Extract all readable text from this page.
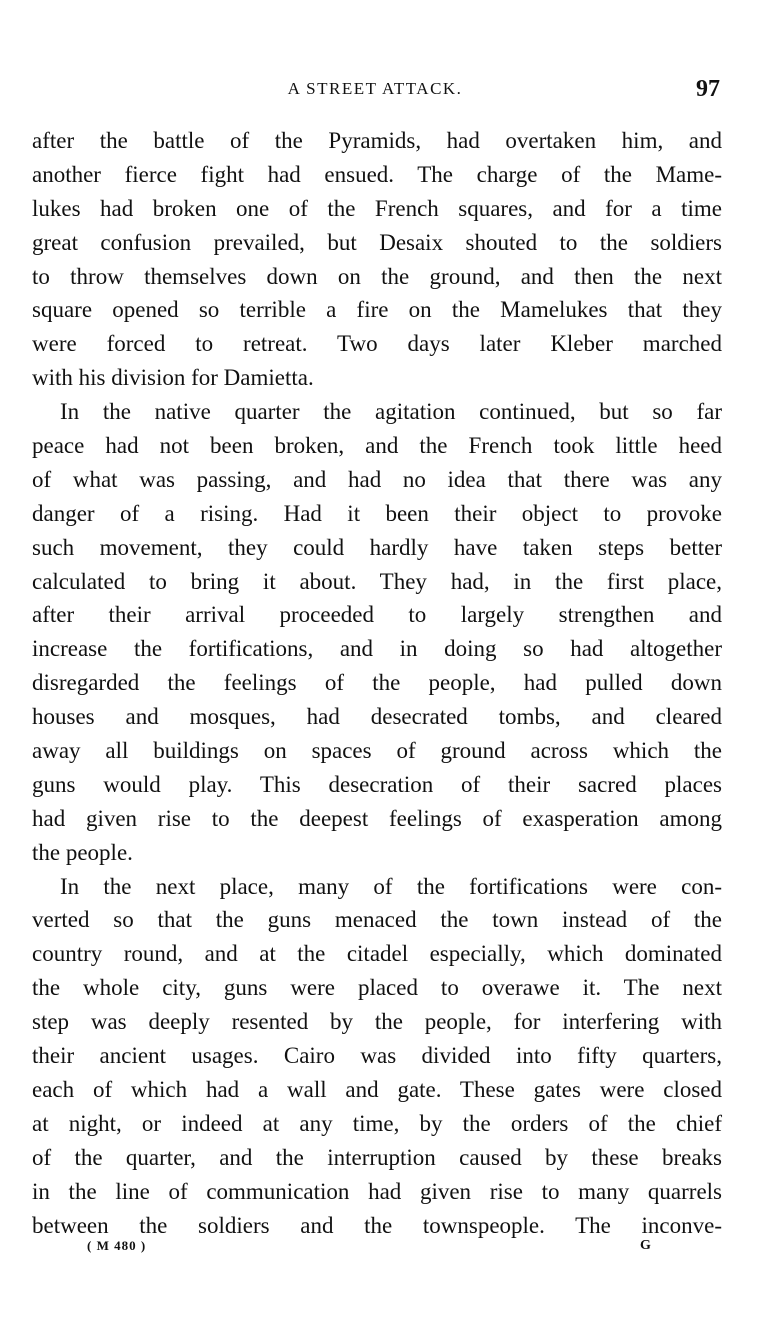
A STREET ATTACK.	97
after the battle of the Pyramids, had overtaken him, and
another fierce fight had ensued. The charge of the Mame-
lukes had broken one of the French squares, and for a time
great confusion prevailed, but Desaix shouted to the soldiers
to throw themselves down on the ground, and then the next
square opened so terrible a fire on the Mamelukes that they
were forced to retreat. Two days later Kleber marched
with his division for Damietta.
In the native quarter the agitation continued, but so far
peace had not been broken, and the French took little heed
of what was passing, and had no idea that there was any
danger of a rising. Had it been their object to provoke
such movement, they could hardly have taken steps better
calculated to bring it about. They had, in the first place,
after their arrival proceeded to largely strengthen and
increase the fortifications, and in doing so had altogether
disregarded the feelings of the people, had pulled down
houses and mosques, had desecrated tombs, and cleared
away all buildings on spaces of ground across which the
guns would play. This desecration of their sacred places
had given rise to the deepest feelings of exasperation among
the people.
In the next place, many of the fortifications were con-
verted so that the guns menaced the town instead of the
country round, and at the citadel especially, which dominated
the whole city, guns were placed to overawe it. The next
step was deeply resented by the people, for interfering with
their ancient usages. Cairo was divided into fifty quarters,
each of which had a wall and gate. These gates were closed
at night, or indeed at any time, by the orders of the chief
of the quarter, and the interruption caused by these breaks
in the line of communication had given rise to many quarrels
between the soldiers and the townspeople. The inconve-
( M 480 )	G
